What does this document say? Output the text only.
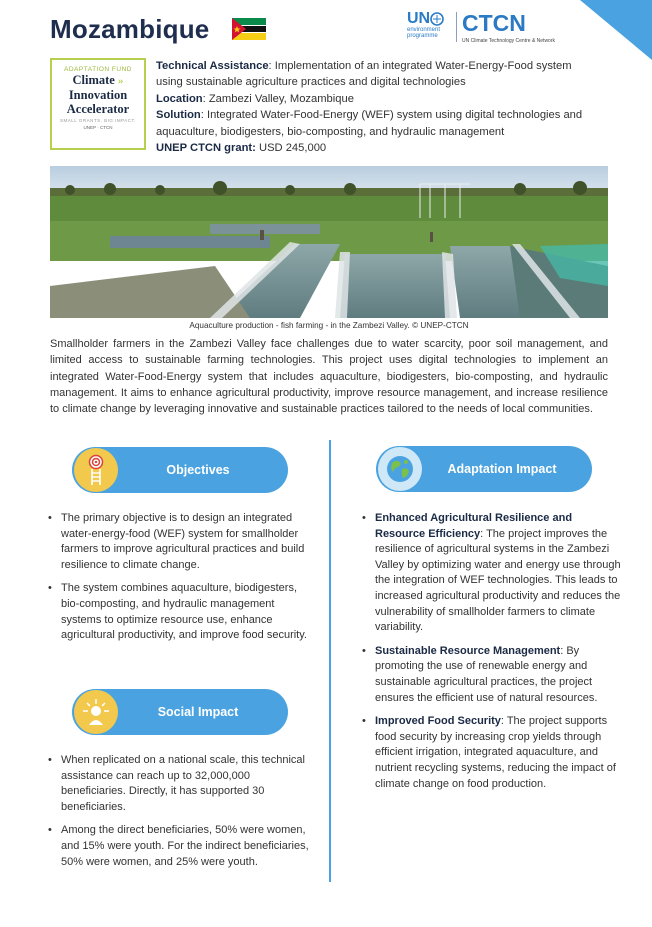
Mozambique	UN
environment
programme	CTCN
UN Climate Technology Centre & Network
ADAPTATION FUND
Climate »
Innovation
Accelerator
SMALL GRANTS. BIG IMPACT.
UNEP · CTCN
Technical Assistance: Implementation of an integrated Water-Energy-Food system using sustainable agriculture practices and digital technologies
Location: Zambezi Valley, Mozambique
Solution: Integrated Water-Food-Energy (WEF) system using digital technologies and aquaculture, biodigesters, bio-composting, and hydraulic management
UNEP CTCN grant: USD 245,000
Aquaculture production - fish farming - in the Zambezi Valley. © UNEP-CTCN
Smallholder farmers in the Zambezi Valley face challenges due to water scarcity, poor soil management, and limited access to sustainable farming technologies. This project uses digital technologies to implement an integrated Water-Food-Energy system that includes aquaculture, biodigesters, bio-composting, and hydraulic management. It aims to enhance agricultural productivity, improve resource management, and increase resilience to climate change by leveraging innovative and sustainable practices tailored to the needs of local communities.
Objectives
• The primary objective is to design an integrated water-energy-food (WEF) system for smallholder farmers to improve agricultural practices and build resilience to climate change.
• The system combines aquaculture, biodigesters, bio-composting, and hydraulic management systems to optimize resource use, enhance agricultural productivity, and improve food security.
Social Impact
• When replicated on a national scale, this technical assistance can reach up to 32,000,000 beneficiaries. Directly, it has supported 30 beneficiaries.
• Among the direct beneficiaries, 50% were women, and 15% were youth. For the indirect beneficiaries, 50% were women, and 25% were youth.
Adaptation Impact
• Enhanced Agricultural Resilience and Resource Efficiency: The project improves the resilience of agricultural systems in the Zambezi Valley by optimizing water and energy use through the integration of WEF technologies. This leads to increased agricultural productivity and reduces the vulnerability of smallholder farmers to climate variability.
• Sustainable Resource Management: By promoting the use of renewable energy and sustainable agricultural practices, the project ensures the efficient use of natural resources.
• Improved Food Security: The project supports food security by increasing crop yields through efficient irrigation, integrated aquaculture, and nutrient recycling systems, reducing the impact of climate change on food production.
